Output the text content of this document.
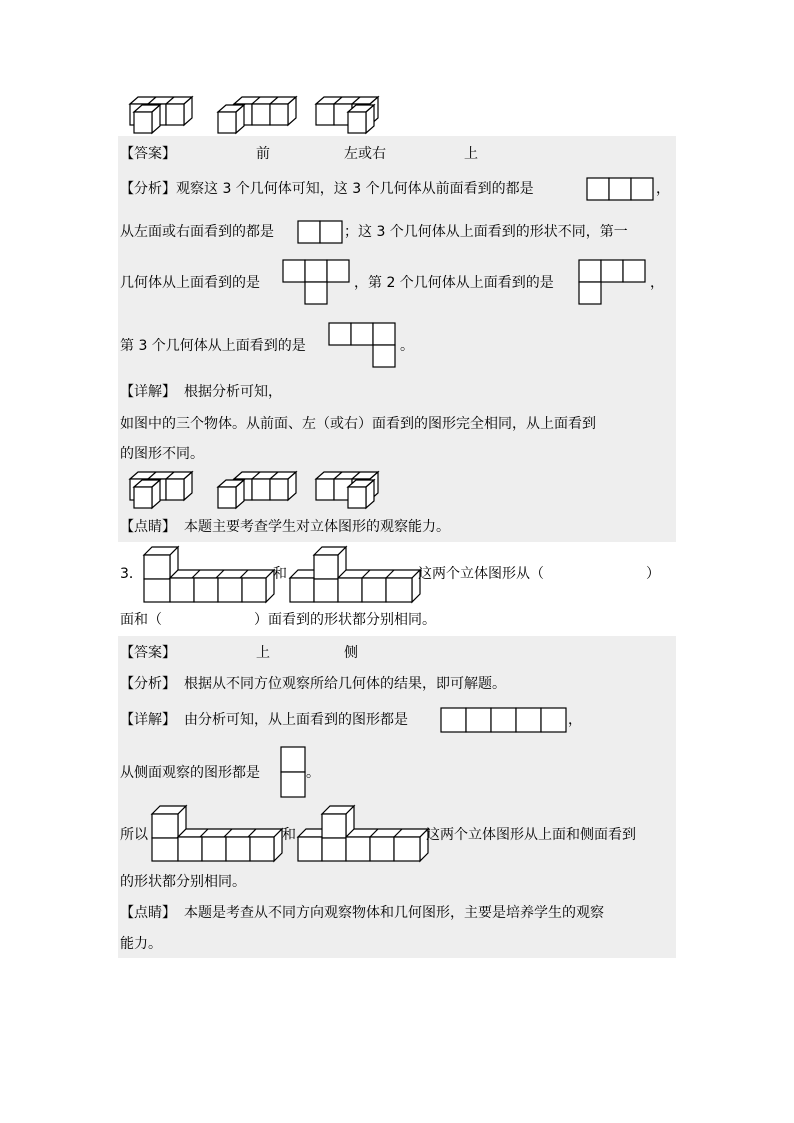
【答案】	前	左或右	上
【分析】 观察这 3 个几何体可知，这 3 个几何体从前面看到的都是	，
从左面或右面看到的都是	；这 3 个几何体从上面看到的形状不同，第一
几何体从上面看到的是	，第 2 个几何体从上面看到的是	，
第 3 个几何体从上面看到的是	。
【详解】 根据分析可知，
如图中的三个物体。从前面、左（或右）面看到的图形完全相同，从上面看到
的图形不同。
【点睛】 本题主要考查学生对立体图形的观察能力。
3．	和	这两个立体图形从（	）
面和（	）面看到的形状都分别相同。
【答案】	上	侧
【分析】 根据从不同方位观察所给几何体的结果，即可解题。
【详解】 由分析可知，从上面看到的图形都是	，
从侧面观察的图形都是	。
所以	和	这两个立体图形从上面和侧面看到
的形状都分别相同。
【点睛】 本题是考查从不同方向观察物体和几何图形，主要是培养学生的观察
能力。
